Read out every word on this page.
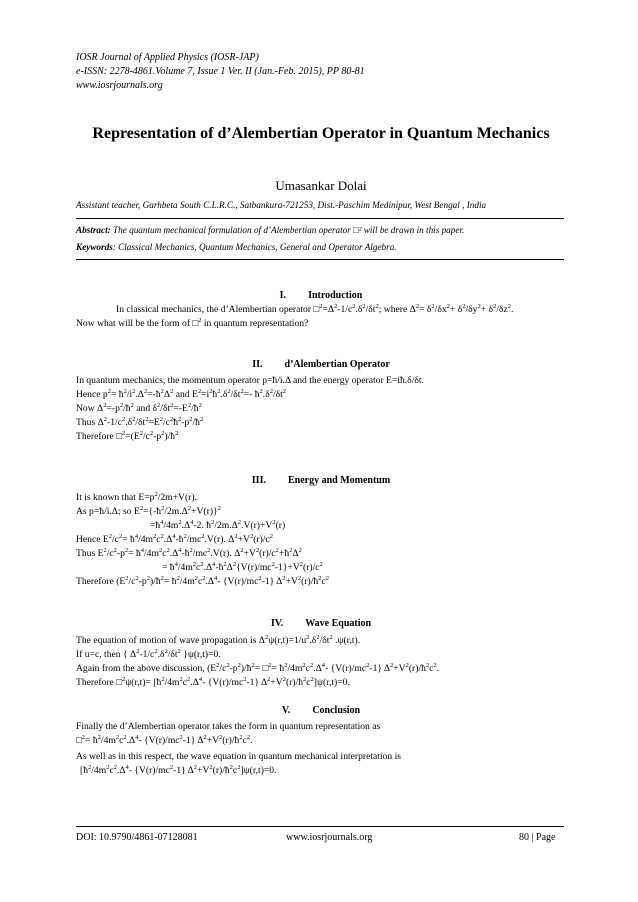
IOSR Journal of Applied Physics (IOSR-JAP)
e-ISSN: 2278-4861.Volume 7, Issue 1 Ver. II (Jan.-Feb. 2015), PP 80-81
www.iosrjournals.org
Representation of d’Alembertian Operator in Quantum Mechanics
Umasankar Dolai
Assistant teacher, Garhbeta South C.L.R.C., Satbankura-721253, Dist.-Paschim Medinipur, West Bengal , India
Abstract: The quantum mechanical formulation of d’Alembertian operator □² will be drawn in this paper.
Keywords: Classical Mechanics, Quantum Mechanics, General and Operator Algebra.
I. Introduction
In classical mechanics, the d’Alembertian operator $□^2=\Delta^2-1/c^2.\delta^2/\delta t^2$; where $\Delta^2= \delta^2/\delta x^2+ \delta^2/\delta y^2+ \delta^2/\delta z^2$.
Now what will be the form of □$^2$ in quantum representation?
II. d’Alembertian Operator
In quantum mechanics, the momentum operator p=ħ/i.Δ and the energy operator E=iħ.δ/δt.
Hence $p^2=$ $ħ^2/i^2.\Delta^2=-ħ^2\Delta^2$ and $E^2=i^2ħ^2.\delta^2/\delta t^2=-$ $ħ^2.\delta^2/\delta t^2$
Now $\Delta^2=-p^2/ħ^2$ and $\delta^2/\delta t^2=-E^2/ħ^2$
Thus $\Delta^2-1/c^2.\delta^2/\delta t^2=E^2/c^2ħ^2-p^2/ħ^2$
Therefore $□^2=(E^2/c^2-p^2)/ħ^2$
III. Energy and Momentum
It is known that $E=p^2/2m+V(r)$.
As p=ħ/i.Δ; so $E^2=\{-ħ^2/2m.\Delta^2+V(r)\}^2$
$=ħ^4/4m^2.\Delta^4-2$. $ħ^2/2m.\Delta^2.V(r)+V^2(r)$
Hence $E^2/c^2=$ $ħ^4/4m^2c^2.\Delta^4-ħ^2/mc^2.V(r)$. $\Delta^2+V^2(r)/c^2$
Thus $E^2/c^2-p^2=$ $ħ^4/4m^2c^2.\Delta^4-ħ^2/mc^2.V(r)$. $\Delta^2+V^2(r)/c^2+ħ^2\Delta^2$
= $ħ^4/4m^2c^2.\Delta^4-ħ^2\Delta^2\{V(r)/mc^2-1\}+V^2(r)/c^2$
Therefore $(E^2/c^2-p^2)/ħ^2=$ $ħ^2/4m^2c^2.\Delta^4-$ $\{V(r)/mc^2-1\}$ $\Delta^2+V^2(r)/ħ^2c^2$
IV. Wave Equation
The equation of motion of wave propagation is $\Delta^2\psi(r,t)=1/u^2.\delta^2/\delta t^2$ .ψ(r,t).
If u=c, then { $\Delta^2-1/c^2.\delta^2/\delta t^2$ }ψ(r,t)=0.
Again from the above discussion, $(E^2/c^2-p^2)/ħ^2=$ □$^2$= $ħ^2/4m^2c^2.\Delta^4-$ $\{V(r)/mc^2-1\}$ $\Delta^2+V^2(r)/ħ^2c^2$.
Therefore □$^2$ψ(r,t)= [$ħ^2/4m^2c^2.\Delta^4-$ $\{V(r)/mc^2-1\}$ $\Delta^2+V^2(r)/ħ^2c^2]\psi(r,t)=0$.
V. Conclusion
Finally the d’Alembertian operator takes the form in quantum representation as
□$^2$= $ħ^2/4m^2c^2.\Delta^4-$ $\{V(r)/mc^2-1\}$ $\Delta^2+V^2(r)/ħ^2c^2$.
As well as in this respect, the wave equation in quantum mechanical interpretation is
[$ħ^2/4m^2c^2.\Delta^4-$ $\{V(r)/mc^2-1\}$ $\Delta^2+V^2(r)/ħ^2c^2]\psi(r,t)=0$.
DOI: 10.9790/4861-07128081	www.iosrjournals.org	80 | Page
